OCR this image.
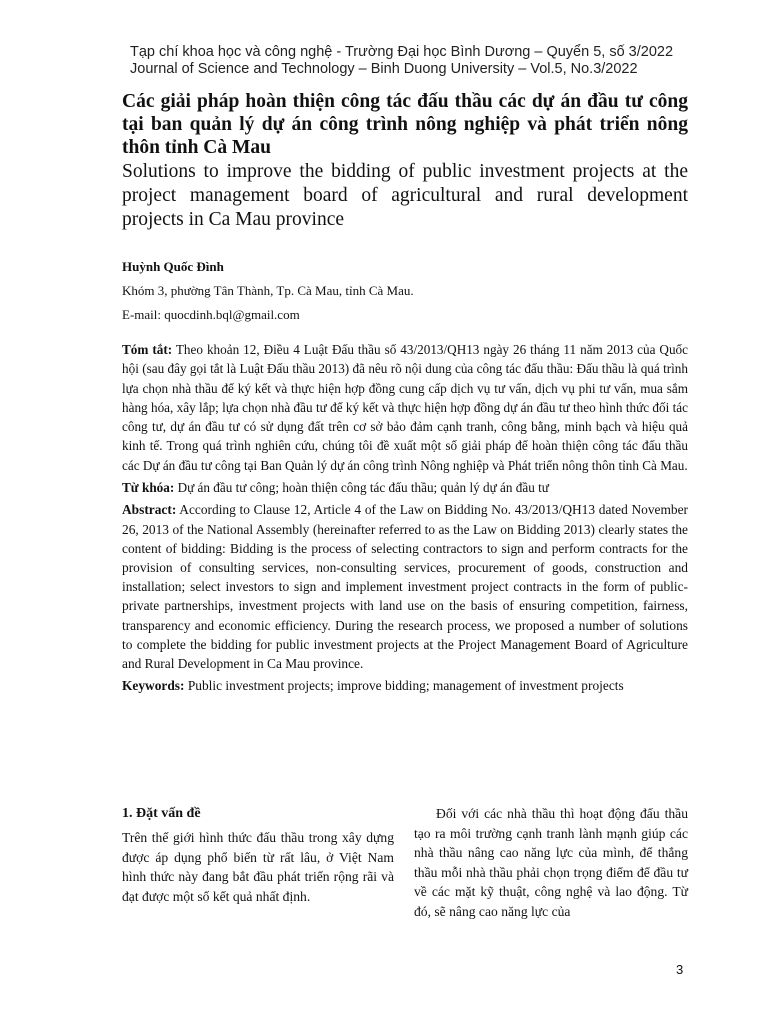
Tạp chí khoa học và công nghệ - Trường Đại học Bình Dương – Quyển 5, số 3/2022
Journal of Science and Technology – Binh Duong University – Vol.5, No.3/2022
Các giải pháp hoàn thiện công tác đấu thầu các dự án đầu tư công tại ban quản lý dự án công trình nông nghiệp và phát triển nông thôn tỉnh Cà Mau
Solutions to improve the bidding of public investment projects at the project management board of agricultural and rural development projects in Ca Mau province
Huỳnh Quốc Đình
Khóm 3, phường Tân Thành, Tp. Cà Mau, tỉnh Cà Mau.
E-mail: quocdinh.bql@gmail.com

Tóm tắt: Theo khoản 12, Điều 4 Luật Đấu thầu số 43/2013/QH13 ngày 26 tháng 11 năm 2013 của Quốc hội (sau đây gọi tắt là Luật Đấu thầu 2013) đã nêu rõ nội dung của công tác đấu thầu: Đấu thầu là quá trình lựa chọn nhà thầu để ký kết và thực hiện hợp đồng cung cấp dịch vụ tư vấn, dịch vụ phi tư vấn, mua sắm hàng hóa, xây lắp; lựa chọn nhà đầu tư để ký kết và thực hiện hợp đồng dự án đầu tư theo hình thức đối tác công tư, dự án đầu tư có sử dụng đất trên cơ sở bảo đảm cạnh tranh, công bằng, minh bạch và hiệu quả kinh tế. Trong quá trình nghiên cứu, chúng tôi đề xuất một số giải pháp để hoàn thiện công tác đấu thầu các Dự án đầu tư công tại Ban Quản lý dự án công trình Nông nghiệp và Phát triển nông thôn tỉnh Cà Mau.

Từ khóa: Dự án đầu tư công; hoàn thiện công tác đấu thầu; quản lý dự án đầu tư

Abstract: According to Clause 12, Article 4 of the Law on Bidding No. 43/2013/QH13 dated November 26, 2013 of the National Assembly (hereinafter referred to as the Law on Bidding 2013) clearly states the content of bidding: Bidding is the process of selecting contractors to sign and perform contracts for the provision of consulting services, non-consulting services, procurement of goods, construction and installation; select investors to sign and implement investment project contracts in the form of public-private partnerships, investment projects with land use on the basis of ensuring competition, fairness, transparency and economic efficiency. During the research process, we proposed a number of solutions to complete the bidding for public investment projects at the Project Management Board of Agriculture and Rural Development in Ca Mau province.

Keywords: Public investment projects; improve bidding; management of investment projects

1. Đặt vấn đề

Trên thế giới hình thức đấu thầu trong xây dựng được áp dụng phổ biến từ rất lâu, ở Việt Nam hình thức này đang bắt đầu phát triển rộng rãi và đạt được một số kết quả nhất định.

Đối với các nhà thầu thì hoạt động đấu thầu tạo ra môi trường cạnh tranh lành mạnh giúp các nhà thầu nâng cao năng lực của mình, để thắng thầu mỗi nhà thầu phải chọn trọng điểm để đầu tư về các mặt kỹ thuật, công nghệ và lao động. Từ đó, sẽ nâng cao năng lực của

3
